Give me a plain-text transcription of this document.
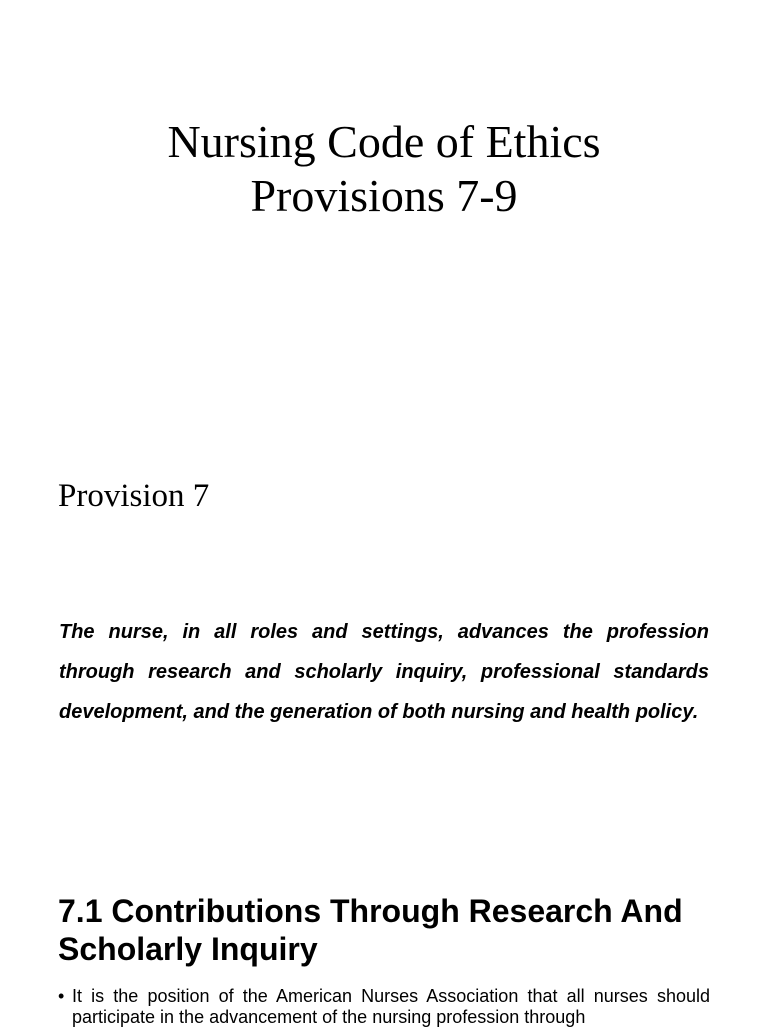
Nursing Code of Ethics
Provisions 7-9
Provision 7

The nurse, in all roles and settings, advances the profession through research and scholarly inquiry, professional standards development, and the generation of both nursing and health policy.

7.1 Contributions Through Research And Scholarly Inquiry
• It is the position of the American Nurses Association that all nurses should participate in the advancement of the nursing profession through
